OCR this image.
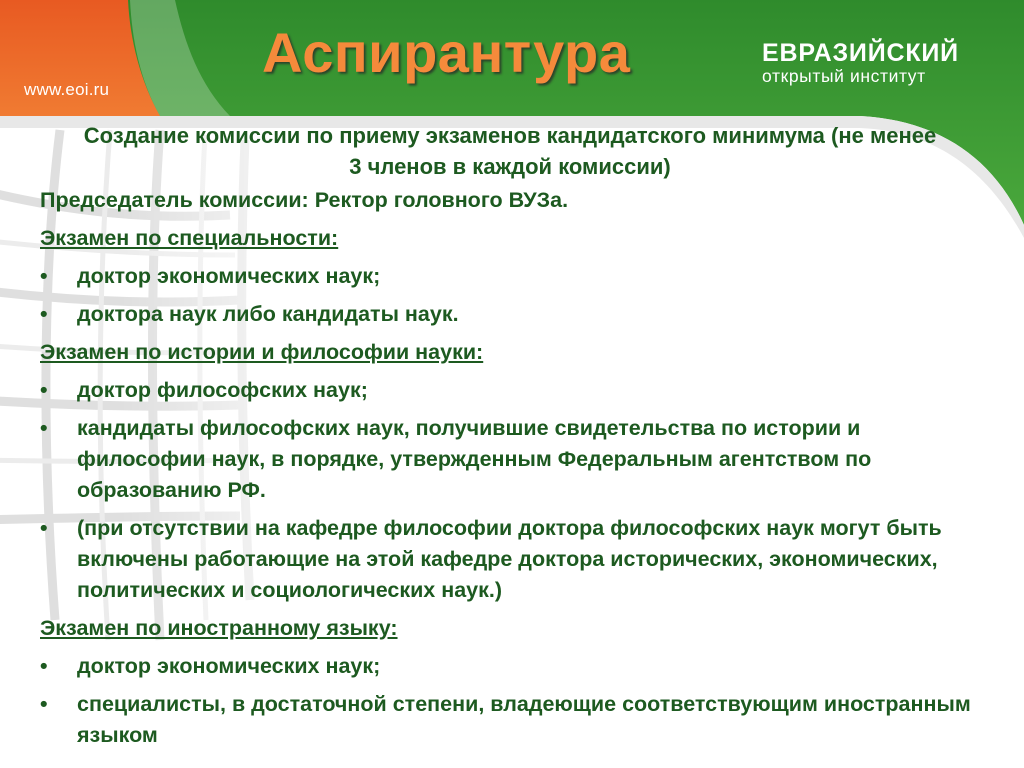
www.eoi.ru
Аспирантура	ЕВРАЗИЙСКИЙ
открытый институт
Создание комиссии по приему экзаменов кандидатского минимума (не менее 3 членов в каждой комиссии)
Председатель комиссии: Ректор головного ВУЗа.
Экзамен по специальности:
•	доктор экономических наук;
•	доктора наук либо кандидаты наук.
Экзамен по истории и философии науки:
•	доктор философских наук;
•	кандидаты философских наук, получившие свидетельства по истории и философии наук, в порядке, утвержденным Федеральным агентством по образованию РФ.
•	(при отсутствии на кафедре философии доктора философских наук могут быть включены работающие на этой кафедре доктора исторических, экономических, политических и социологических наук.)
Экзамен по иностранному языку:
•	доктор экономических наук;
•	специалисты, в достаточной степени, владеющие соответствующим иностранным языком
